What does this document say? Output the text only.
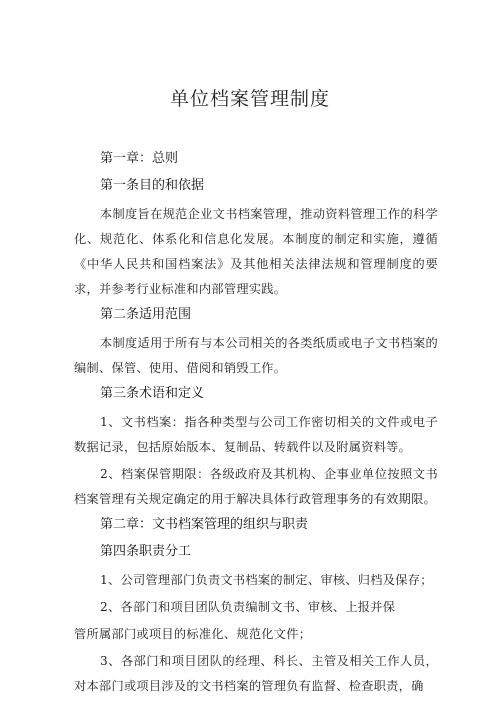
单位档案管理制度
第一章：总则
第一条目的和依据

本制度旨在规范企业文书档案管理，推动资料管理工作的科学化、规范化、体系化和信息化发展。本制度的制定和实施，遵循《中华人民共和国档案法》及其他相关法律法规和管理制度的要求，并参考行业标准和内部管理实践。

第二条适用范围

本制度适用于所有与本公司相关的各类纸质或电子文书档案的编制、保管、使用、借阅和销毁工作。

第三条术语和定义

1、文书档案：指各种类型与公司工作密切相关的文件或电子数据记录，包括原始版本、复制品、转载件以及附属资料等。

2、档案保管期限：各级政府及其机构、企事业单位按照文书档案管理有关规定确定的用于解决具体行政管理事务的有效期限。

第二章：文书档案管理的组织与职责
第四条职责分工

1、公司管理部门负责文书档案的制定、审核、归档及保存；

2、各部门和项目团队负责编制文书、审核、上报并保

管所属部门或项目的标准化、规范化文件；

3、各部门和项目团队的经理、科长、主管及相关工作人员，对本部门或项目涉及的文书档案的管理负有监督、检查职责，确
